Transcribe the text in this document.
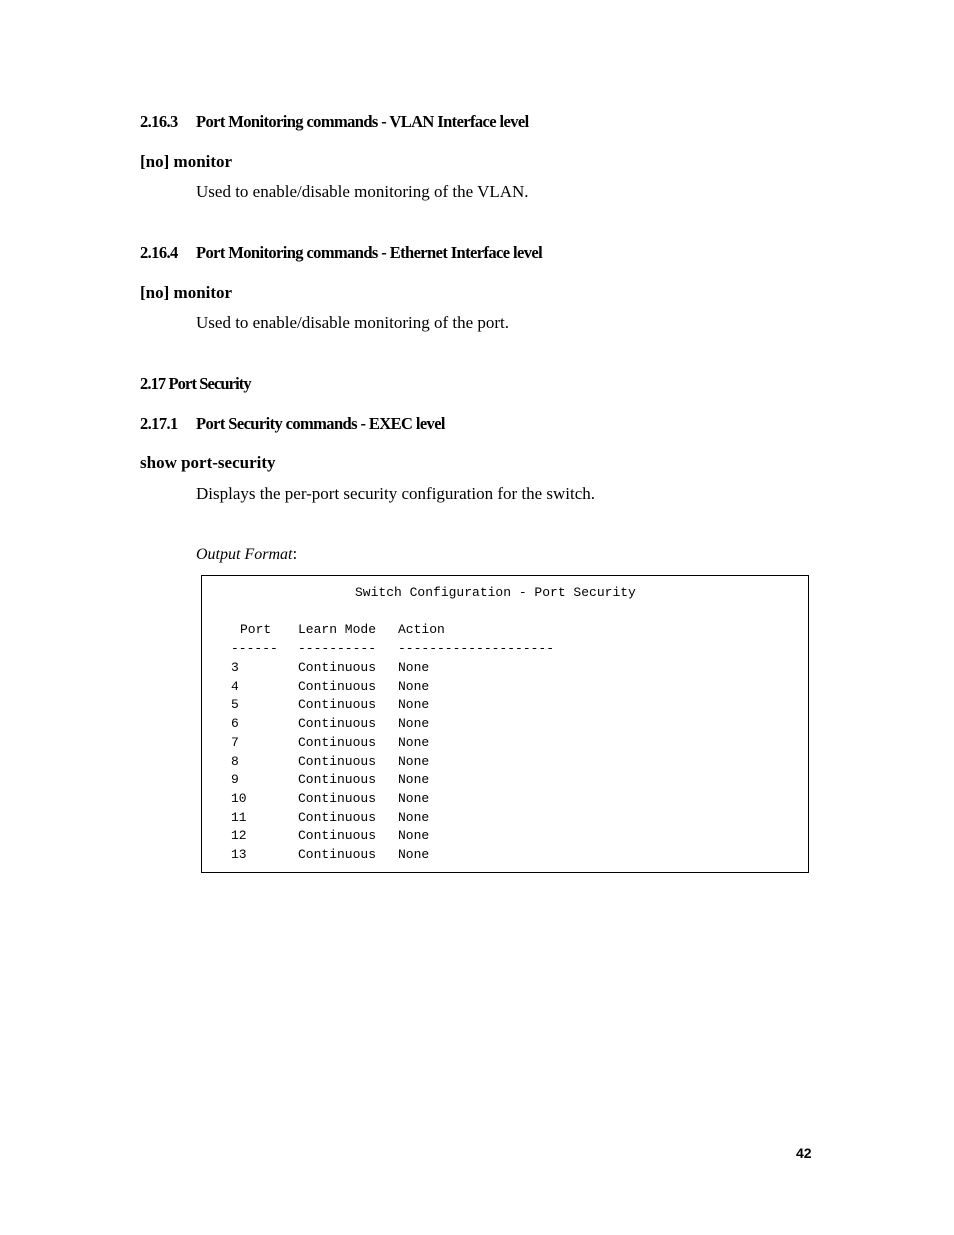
2.16.3 Port Monitoring commands - VLAN Interface level
[no] monitor
Used to enable/disable monitoring of the VLAN.
2.16.4 Port Monitoring commands - Ethernet Interface level
[no] monitor
Used to enable/disable monitoring of the port.
2.17 Port Security
2.17.1 Port Security commands - EXEC level
show port-security
Displays the per-port security configuration for the switch.
Output Format:
Switch Configuration - Port Security
Port Learn Mode Action
------ ---------- --------------------
3	Continuous None
4	Continuous None
5	Continuous None
6	Continuous None
7	Continuous None
8	Continuous None
9	Continuous None
10	Continuous None
11	Continuous None
12	Continuous None
13	Continuous None
42
